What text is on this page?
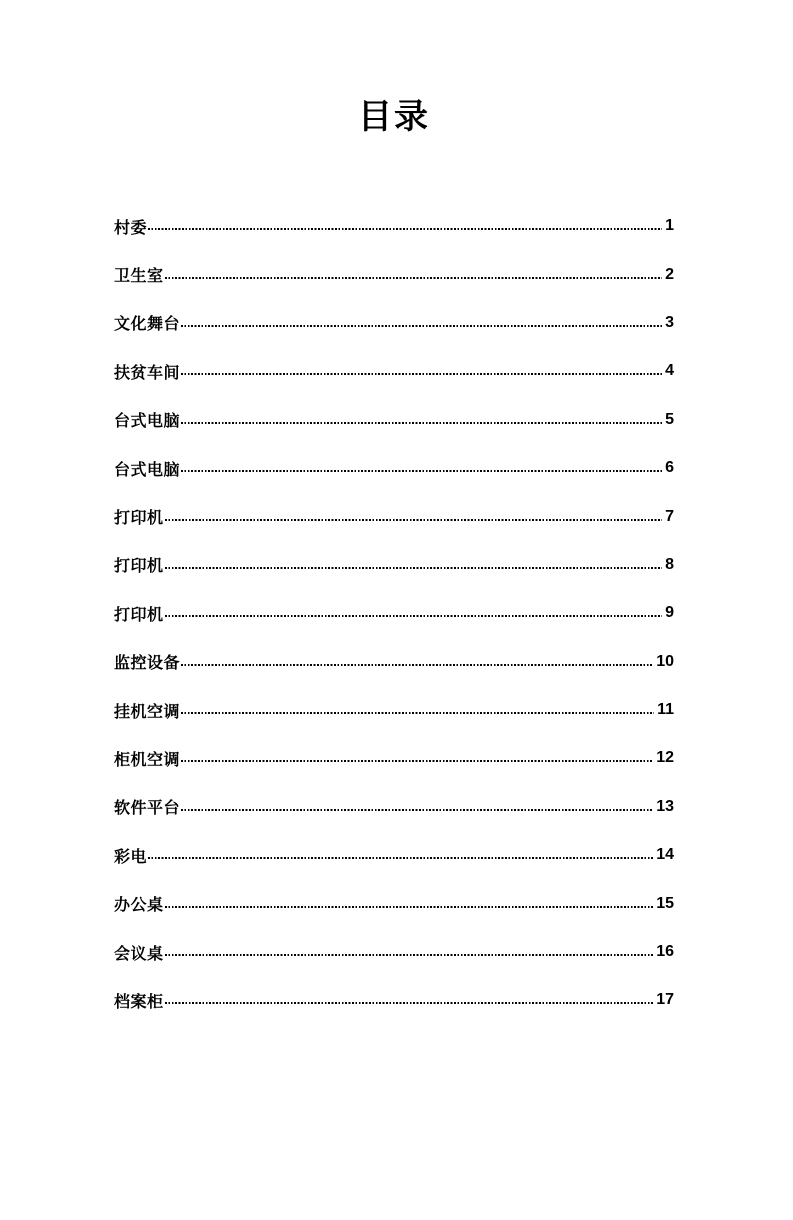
目录
村委	1
卫生室	2
文化舞台	3
扶贫车间	4
台式电脑	5
台式电脑	6
打印机	7
打印机	8
打印机	9
监控设备	10
挂机空调	11
柜机空调	12
软件平台	13
彩电	14
办公桌	15
会议桌	16
档案柜	17
